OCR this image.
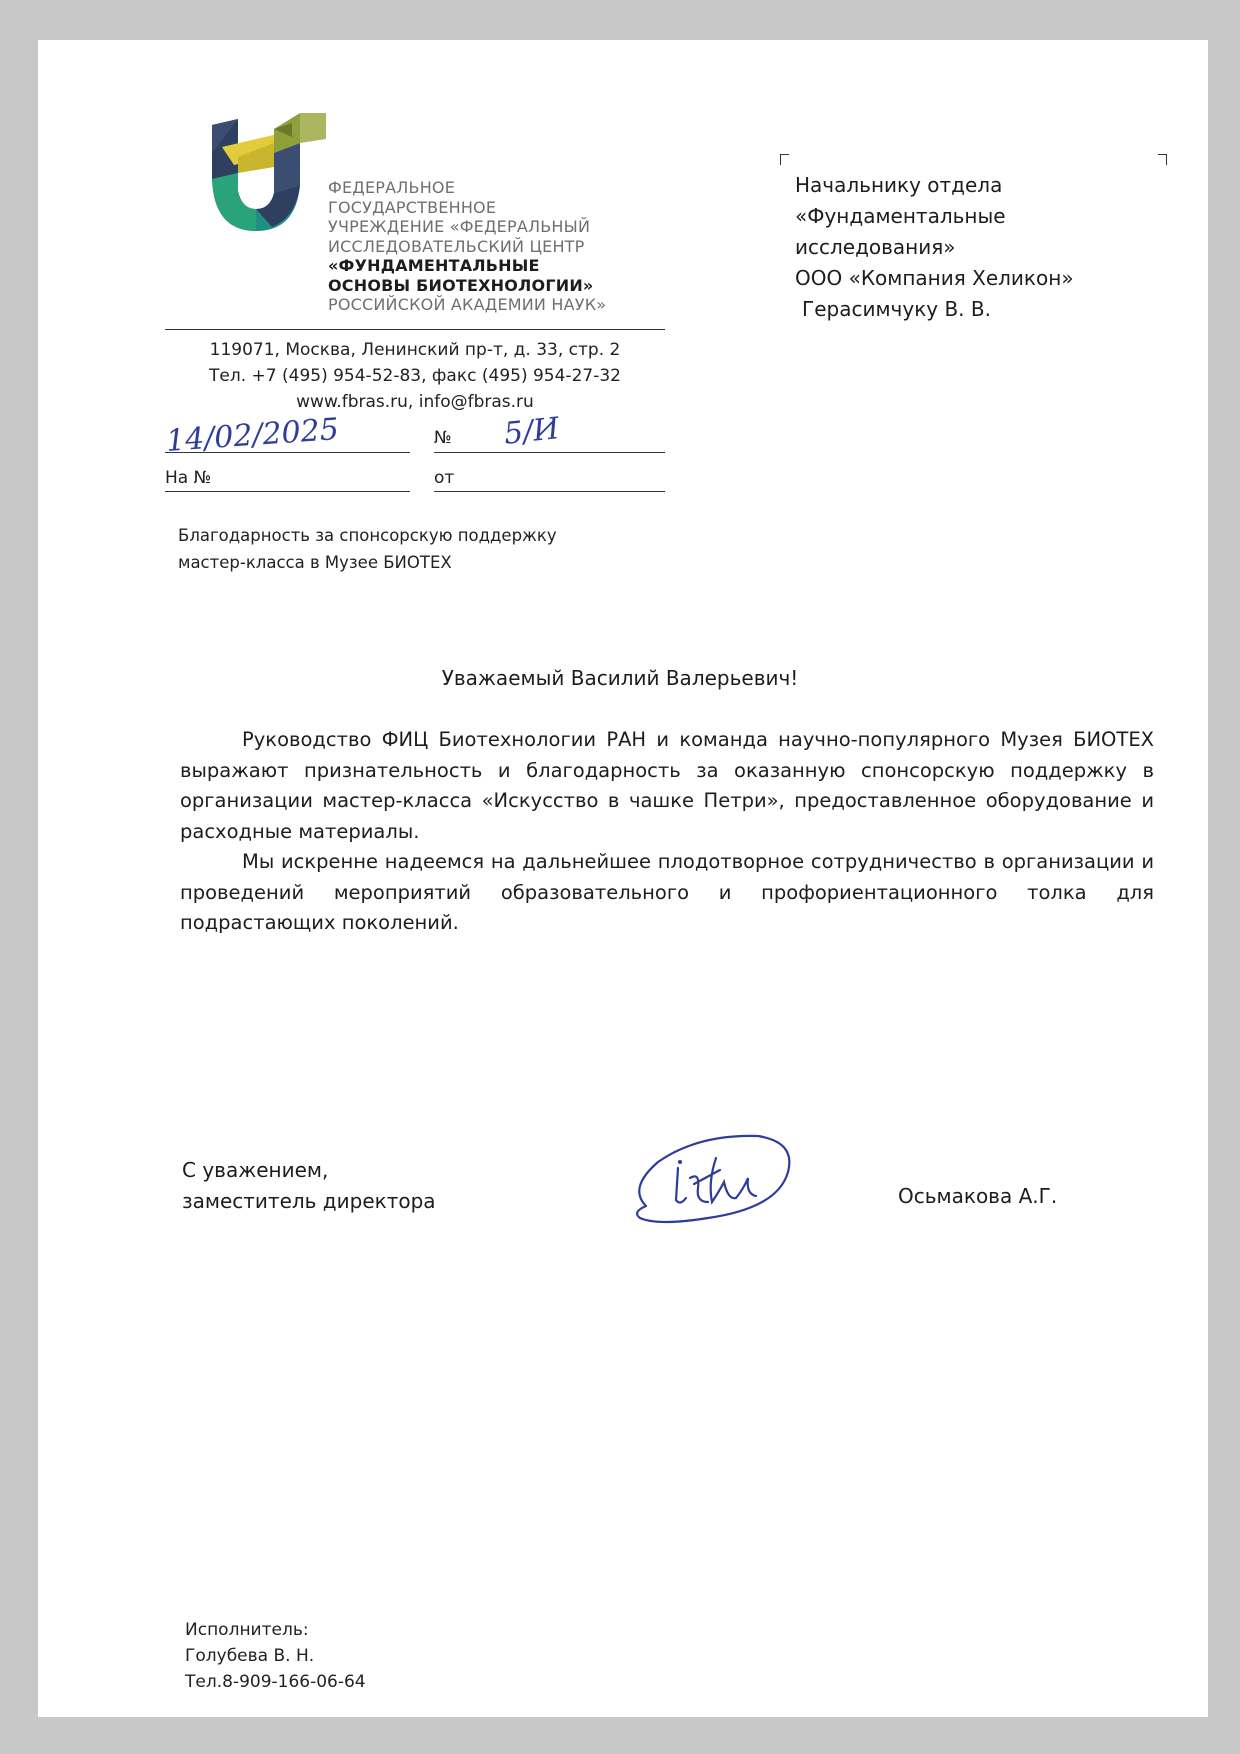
ФЕДЕРАЛЬНОЕ
ГОСУДАРСТВЕННОЕ
УЧРЕЖДЕНИЕ «ФЕДЕРАЛЬНЫЙ
ИССЛЕДОВАТЕЛЬСКИЙ ЦЕНТР
«ФУНДАМЕНТАЛЬНЫЕ
ОСНОВЫ БИОТЕХНОЛОГИИ»
РОССИЙСКОЙ АКАДЕМИИ НАУК»
119071, Москва, Ленинский пр-т, д. 33, стр. 2
Тел. +7 (495) 954-52-83, факс (495) 954-27-32
www.fbras.ru, info@fbras.ru
14/02/2025	№ 5/И
На №	от
Благодарность за спонсорскую поддержку
мастер-класса в Музее БИОТЕХ
Начальнику отдела
«Фундаментальные
исследования»
ООО «Компания Хеликон»
Герасимчуку В. В.
Уважаемый Василий Валерьевич!

Руководство ФИЦ Биотехнологии РАН и команда научно-популярного Музея БИОТЕХ выражают признательность и благодарность за оказанную спонсорскую поддержку в организации мастер-класса «Искусство в чашке Петри», предоставленное оборудование и расходные материалы.

Мы искренне надеемся на дальнейшее плодотворное сотрудничество в организации и проведений мероприятий образовательного и профориентационного толка для подрастающих поколений.

С уважением,
заместитель директора	Осьмакова А.Г.
Исполнитель:
Голубева В. Н.
Тел.8-909-166-06-64
